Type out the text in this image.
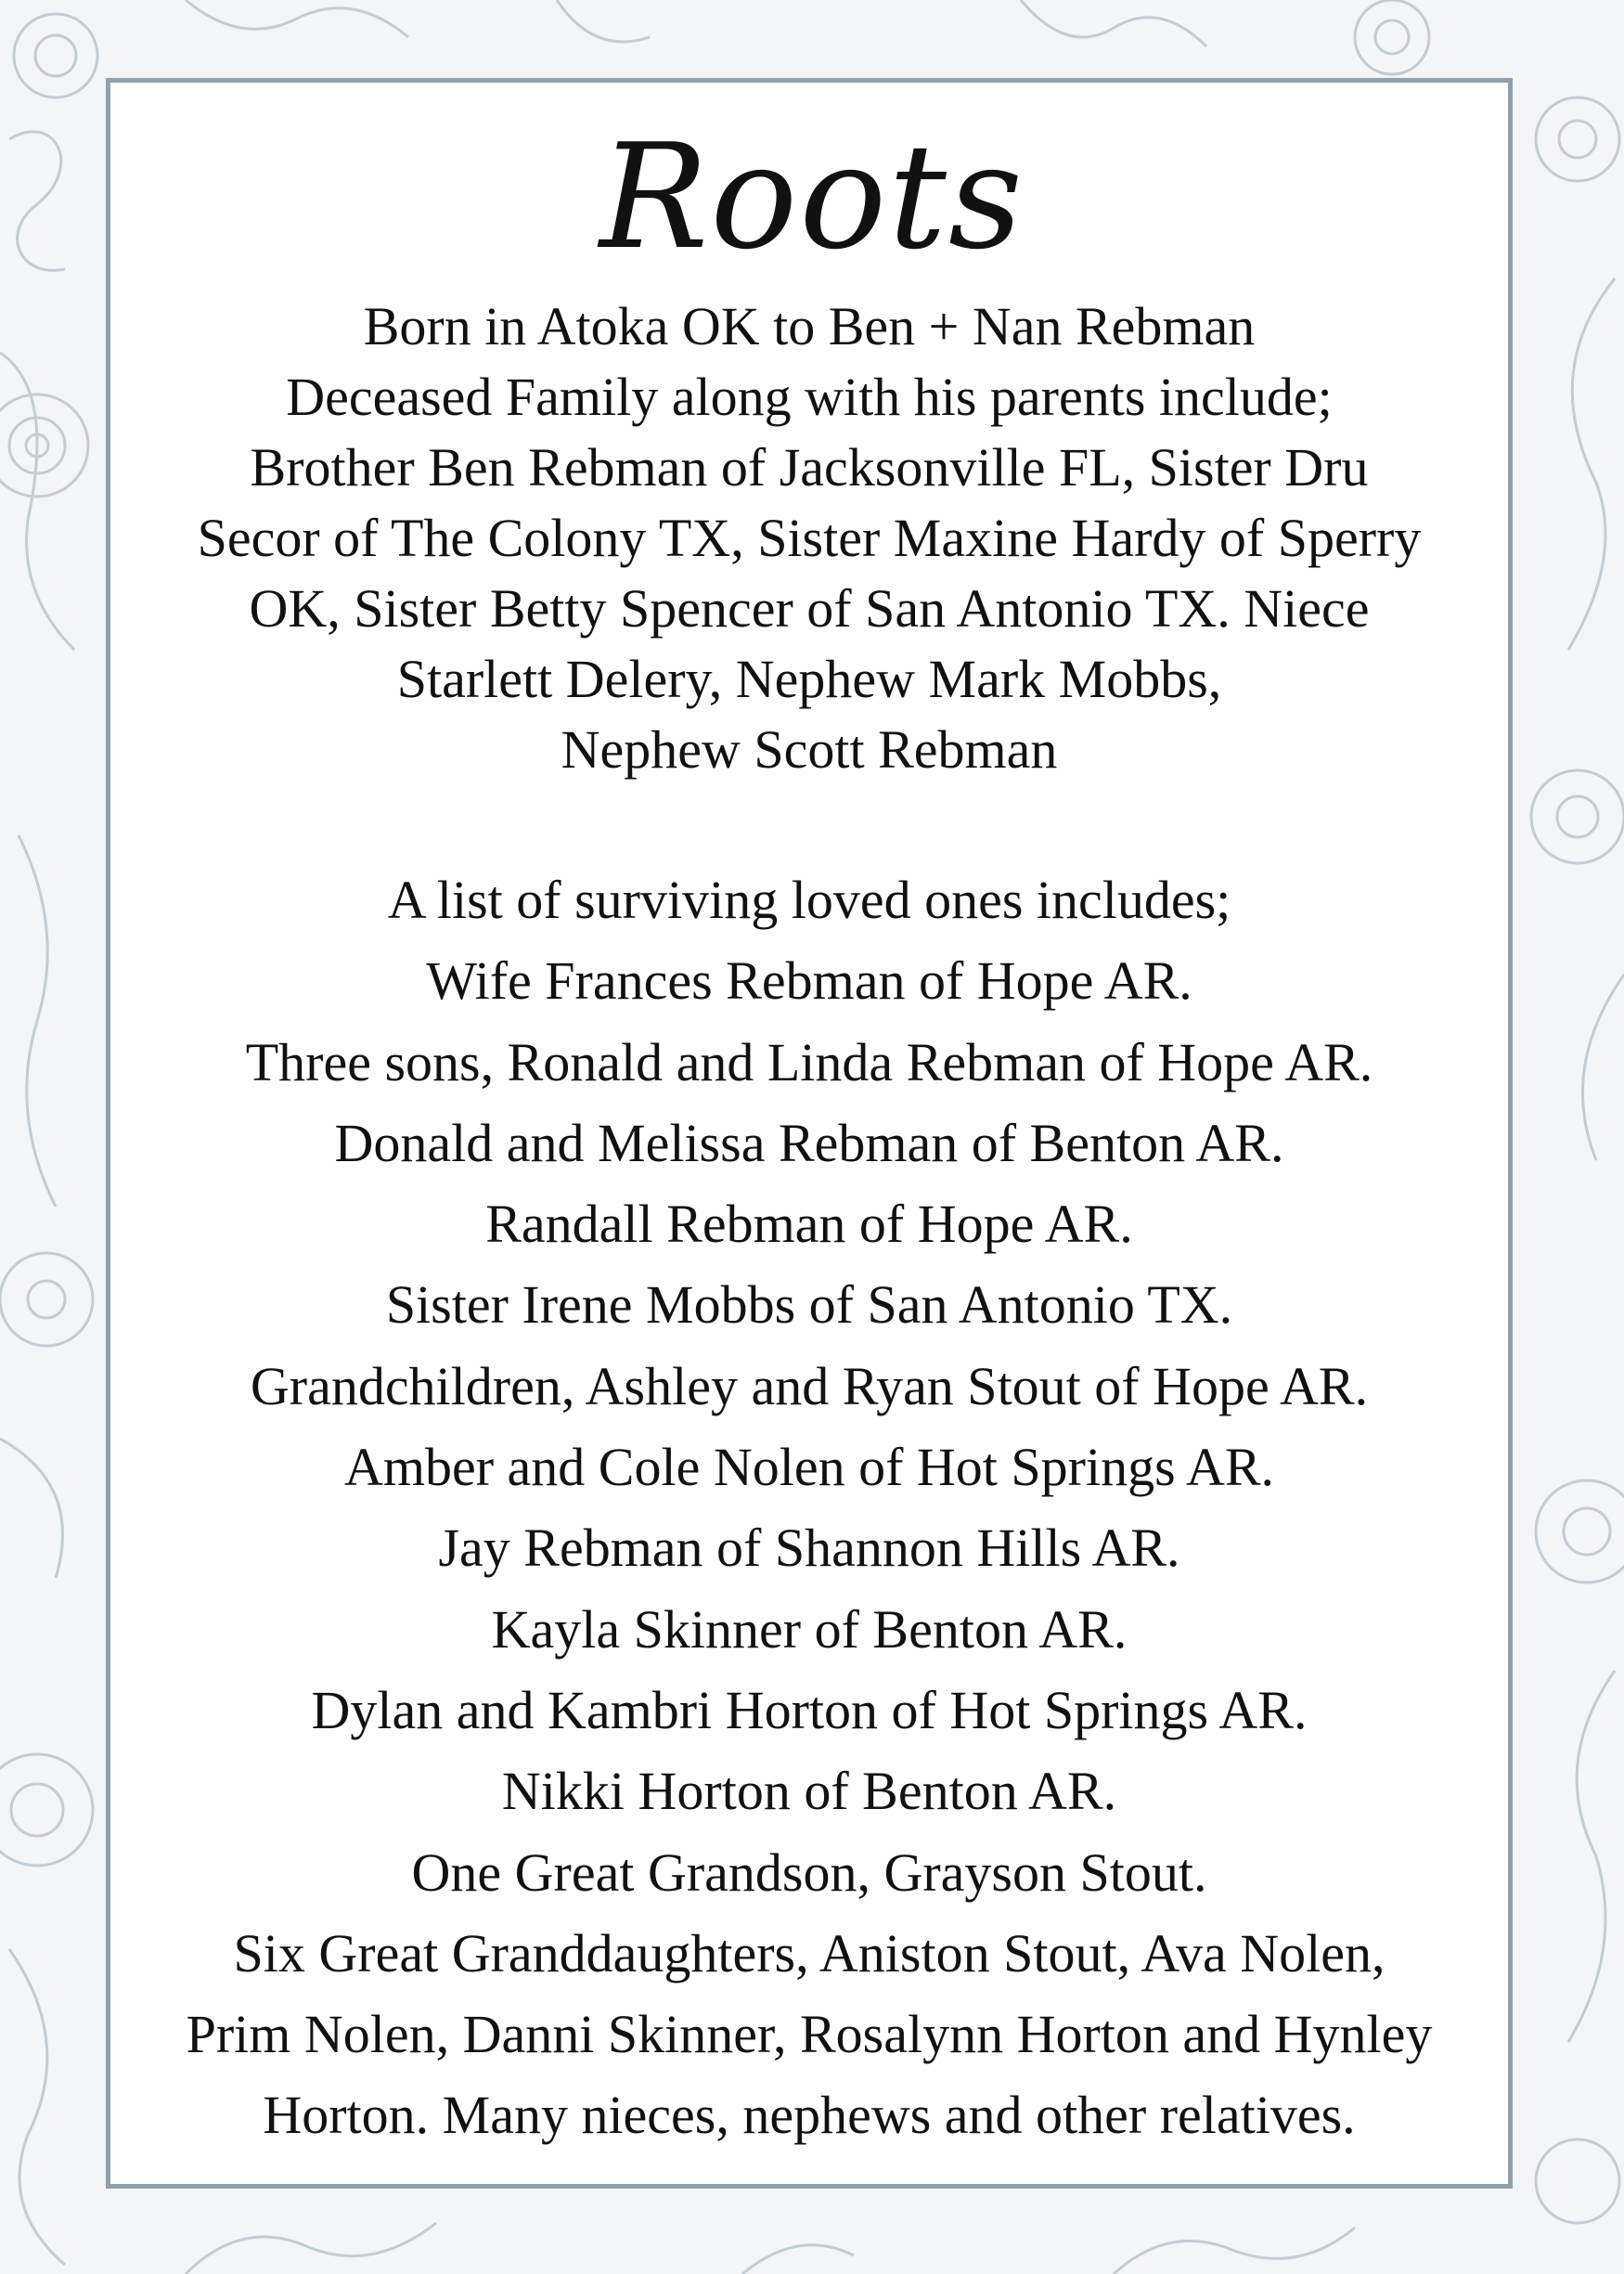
Roots
Born in Atoka OK to Ben + Nan Rebman
Deceased Family along with his parents include;
Brother Ben Rebman of Jacksonville FL, Sister Dru
Secor of The Colony TX, Sister Maxine Hardy of Sperry
OK, Sister Betty Spencer of San Antonio TX. Niece
Starlett Delery, Nephew Mark Mobbs,
Nephew Scott Rebman
A list of surviving loved ones includes;
Wife Frances Rebman of Hope AR.
Three sons, Ronald and Linda Rebman of Hope AR.
Donald and Melissa Rebman of Benton AR.
Randall Rebman of Hope AR.
Sister Irene Mobbs of San Antonio TX.
Grandchildren, Ashley and Ryan Stout of Hope AR.
Amber and Cole Nolen of Hot Springs AR.
Jay Rebman of Shannon Hills AR.
Kayla Skinner of Benton AR.
Dylan and Kambri Horton of Hot Springs AR.
Nikki Horton of Benton AR.
One Great Grandson, Grayson Stout.
Six Great Granddaughters, Aniston Stout, Ava Nolen,
Prim Nolen, Danni Skinner, Rosalynn Horton and Hynley
Horton. Many nieces, nephews and other relatives.
